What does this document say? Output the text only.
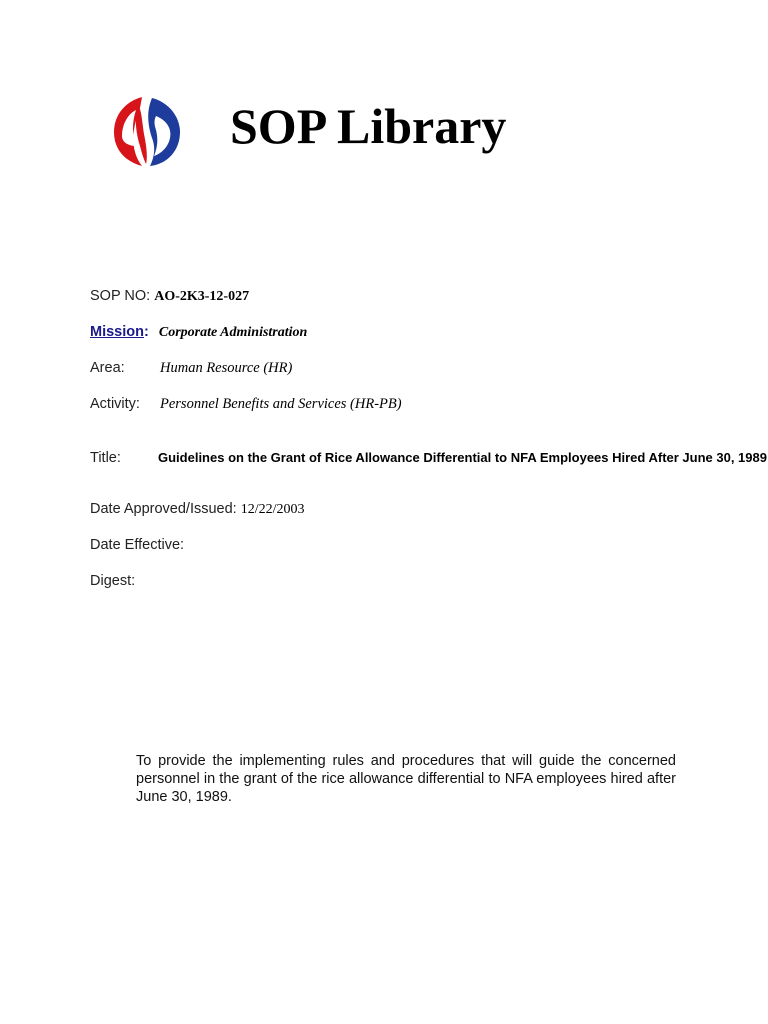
SOP Library
SOP NO: AO-2K3-12-027
Mission: Corporate Administration
Area: Human Resource (HR)
Activity: Personnel Benefits and Services (HR-PB)
Title:	Guidelines on the Grant of Rice Allowance Differential to NFA Employees Hired After June 30, 1989
Date Approved/Issued: 12/22/2003
Date Effective:
Digest:

To provide the implementing rules and procedures that will guide the concerned personnel in the grant of the rice allowance differential to NFA employees hired after June 30, 1989.
